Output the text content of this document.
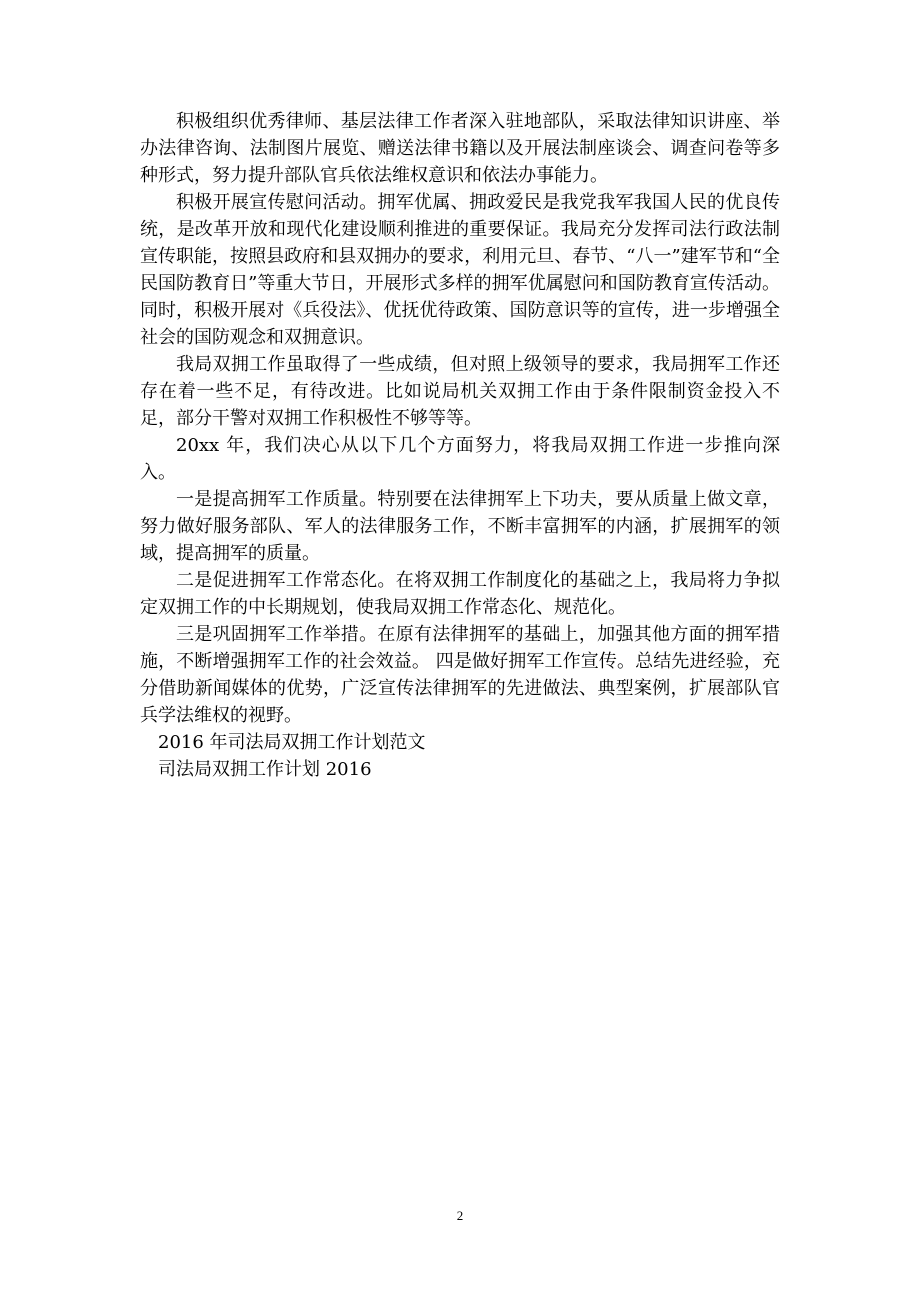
积极组织优秀律师、基层法律工作者深入驻地部队，采取法律知识讲座、举办法律咨询、法制图片展览、赠送法律书籍以及开展法制座谈会、调查问卷等多种形式，努力提升部队官兵依法维权意识和依法办事能力。

积极开展宣传慰问活动。拥军优属、拥政爱民是我党我军我国人民的优良传统，是改革开放和现代化建设顺利推进的重要保证。我局充分发挥司法行政法制宣传职能，按照县政府和县双拥办的要求，利用元旦、春节、“八一”建军节和“全民国防教育日”等重大节日，开展形式多样的拥军优属慰问和国防教育宣传活动。同时，积极开展对《兵役法》、优抚优待政策、国防意识等的宣传，进一步增强全社会的国防观念和双拥意识。

我局双拥工作虽取得了一些成绩，但对照上级领导的要求，我局拥军工作还存在着一些不足，有待改进。比如说局机关双拥工作由于条件限制资金投入不足，部分干警对双拥工作积极性不够等等。

20xx 年，我们决心从以下几个方面努力，将我局双拥工作进一步推向深入。

一是提高拥军工作质量。特别要在法律拥军上下功夫，要从质量上做文章，努力做好服务部队、军人的法律服务工作，不断丰富拥军的内涵，扩展拥军的领域，提高拥军的质量。

二是促进拥军工作常态化。在将双拥工作制度化的基础之上，我局将力争拟定双拥工作的中长期规划，使我局双拥工作常态化、规范化。

三是巩固拥军工作举措。在原有法律拥军的基础上，加强其他方面的拥军措施，不断增强拥军工作的社会效益。 四是做好拥军工作宣传。总结先进经验，充分借助新闻媒体的优势，广泛宣传法律拥军的先进做法、典型案例，扩展部队官兵学法维权的视野。

2016 年司法局双拥工作计划范文

司法局双拥工作计划 2016

2
